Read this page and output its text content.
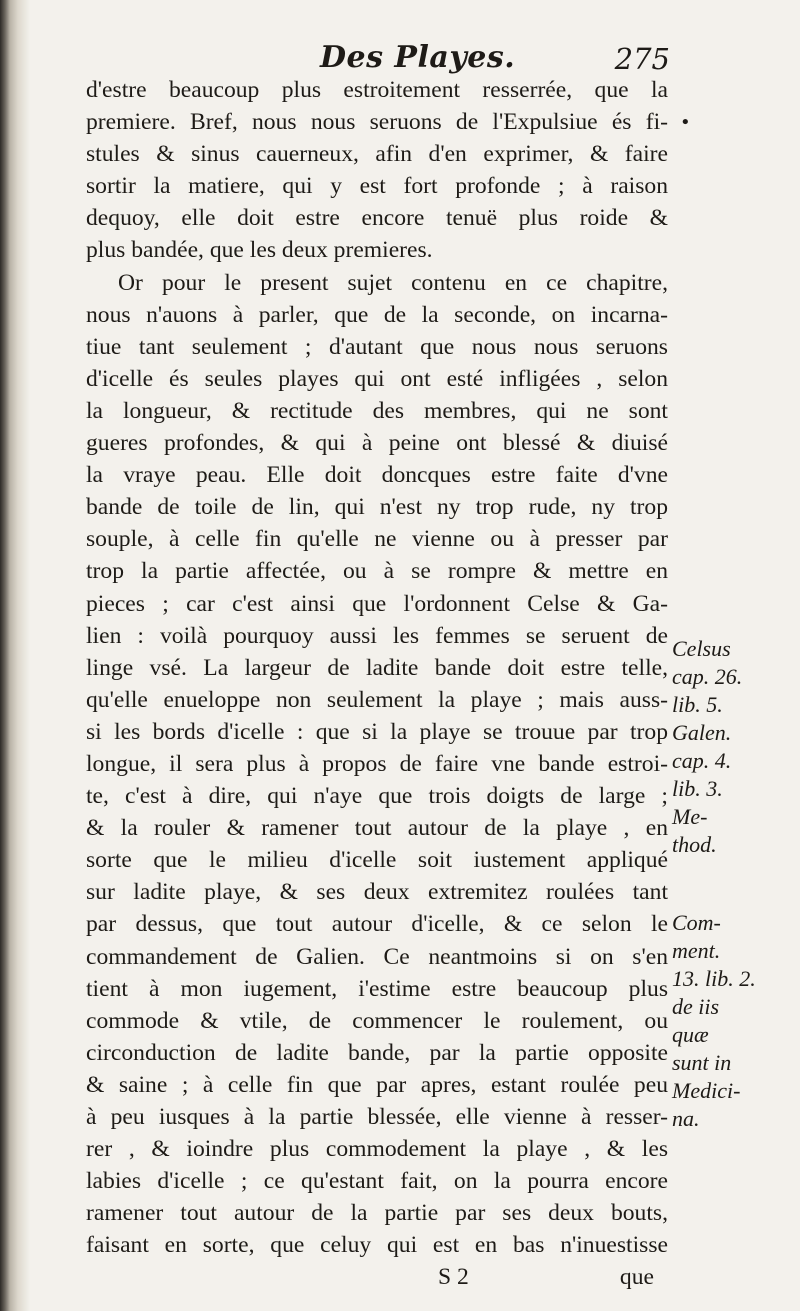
Des Playes.	275
•
d'estre beaucoup plus estroitement resserrée, que la
premiere. Bref, nous nous seruons de l'Expulsiue és fi-
stules & sinus cauerneux, afin d'en exprimer, & faire
sortir la matiere, qui y est fort profonde ; à raison
dequoy, elle doit estre encore tenuë plus roide &
plus bandée, que les deux premieres.
Or pour le present sujet contenu en ce chapitre,
nous n'auons à parler, que de la seconde, on incarna-
tiue tant seulement ; d'autant que nous nous seruons
d'icelle és seules playes qui ont esté infligées , selon
la longueur, & rectitude des membres, qui ne sont
gueres profondes, & qui à peine ont blessé & diuisé
la vraye peau. Elle doit doncques estre faite d'vne
bande de toile de lin, qui n'est ny trop rude, ny trop
souple, à celle fin qu'elle ne vienne ou à presser par
trop la partie affectée, ou à se rompre & mettre en
pieces ; car c'est ainsi que l'ordonnent Celse & Ga-
lien : voilà pourquoy aussi les femmes se seruent de
linge vsé. La largeur de ladite bande doit estre telle,
qu'elle enueloppe non seulement la playe ; mais auss-
si les bords d'icelle : que si la playe se trouue par trop
longue, il sera plus à propos de faire vne bande estroi-
te, c'est à dire, qui n'aye que trois doigts de large ;
& la rouler & ramener tout autour de la playe , en
sorte que le milieu d'icelle soit iustement appliqué
sur ladite playe, & ses deux extremitez roulées tant
par dessus, que tout autour d'icelle, & ce selon le
commandement de Galien. Ce neantmoins si on s'en
tient à mon iugement, i'estime estre beaucoup plus
commode & vtile, de commencer le roulement, ou
circonduction de ladite bande, par la partie opposite
& saine ; à celle fin que par apres, estant roulée peu
à peu iusques à la partie blessée, elle vienne à resser-
rer , & ioindre plus commodement la playe , & les
labies d'icelle ; ce qu'estant fait, on la pourra encore
ramener tout autour de la partie par ses deux bouts,
faisant en sorte, que celuy qui est en bas n'inuestisse
S 2	que
Celsus
cap. 26.
lib. 5.
Galen.
cap. 4.
lib. 3.
Me-
thod.
Com-
ment.
13. lib. 2.
de iis
quæ
sunt in
Medici-
na.
